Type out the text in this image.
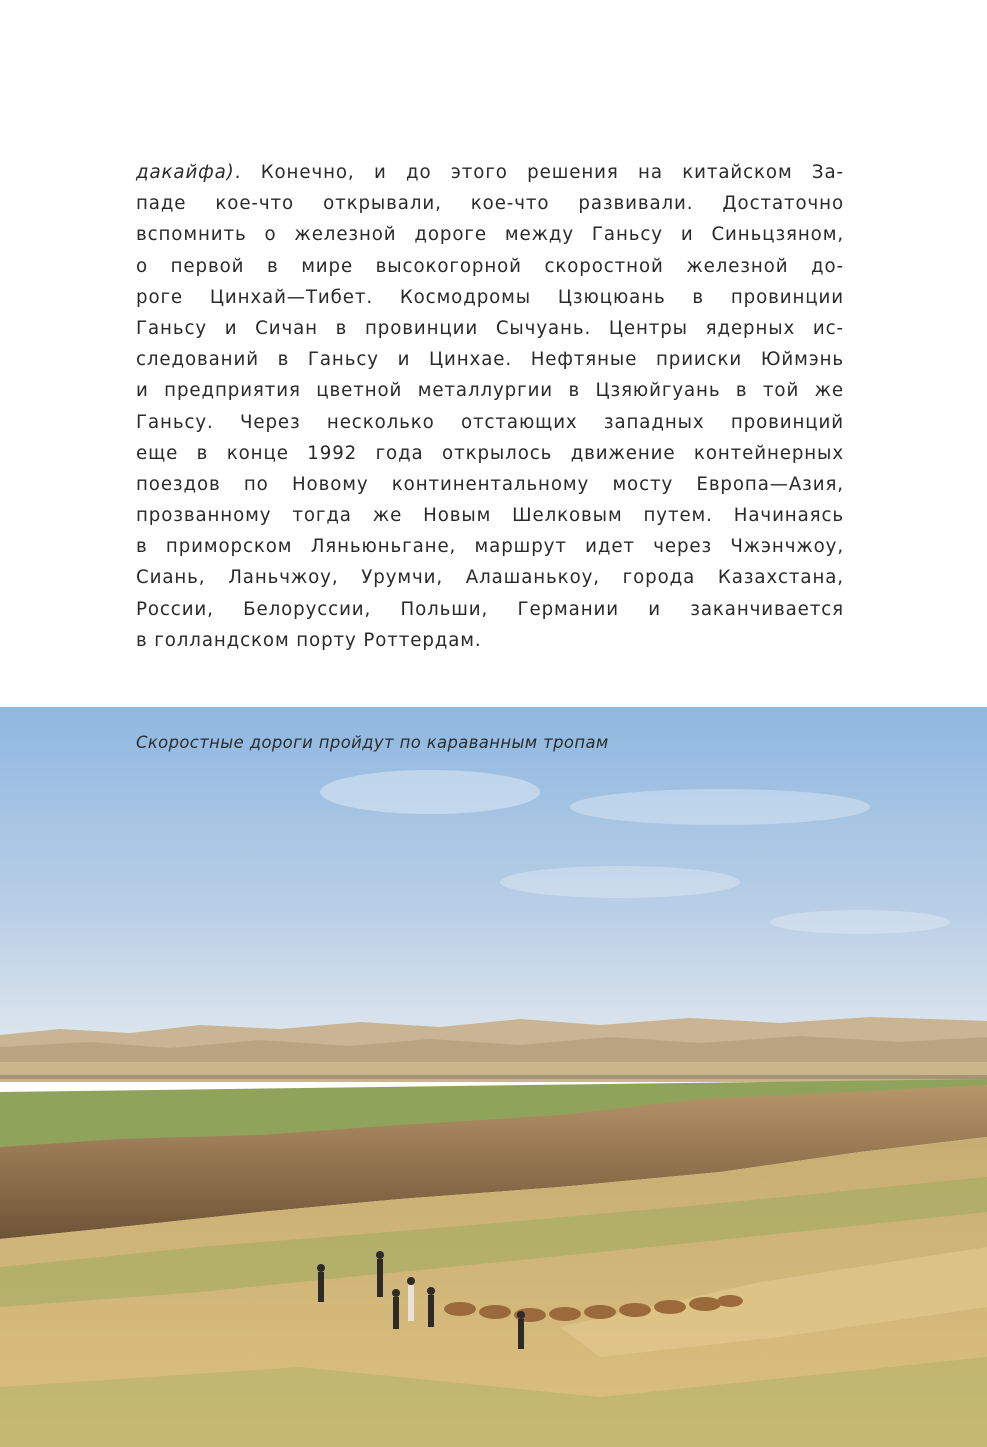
дакайфа). Конечно, и до этого решения на китайском За-
паде кое-что открывали, кое-что развивали. Достаточно
вспомнить о железной дороге между Ганьсу и Синьцзяном,
о первой в мире высокогорной скоростной железной до-
роге Цинхай—Тибет. Космодромы Цзюцюань в провинции
Ганьсу и Сичан в провинции Сычуань. Центры ядерных ис-
следований в Ганьсу и Цинхае. Нефтяные прииски Юймэнь
и предприятия цветной металлургии в Цзяюйгуань в той же
Ганьсу. Через несколько отстающих западных провинций
еще в конце 1992 года открылось движение контейнерных
поездов по Новому континентальному мосту Европа—Азия,
прозванному тогда же Новым Шелковым путем. Начинаясь
в приморском Ляньюньгане, маршрут идет через Чжэнчжоу,
Сиань, Ланьчжоу, Урумчи, Алашанькоу, города Казахстана,
России, Белоруссии, Польши, Германии и заканчивается
в голландском порту Роттердам.
Скоростные дороги пройдут по караванным тропам
